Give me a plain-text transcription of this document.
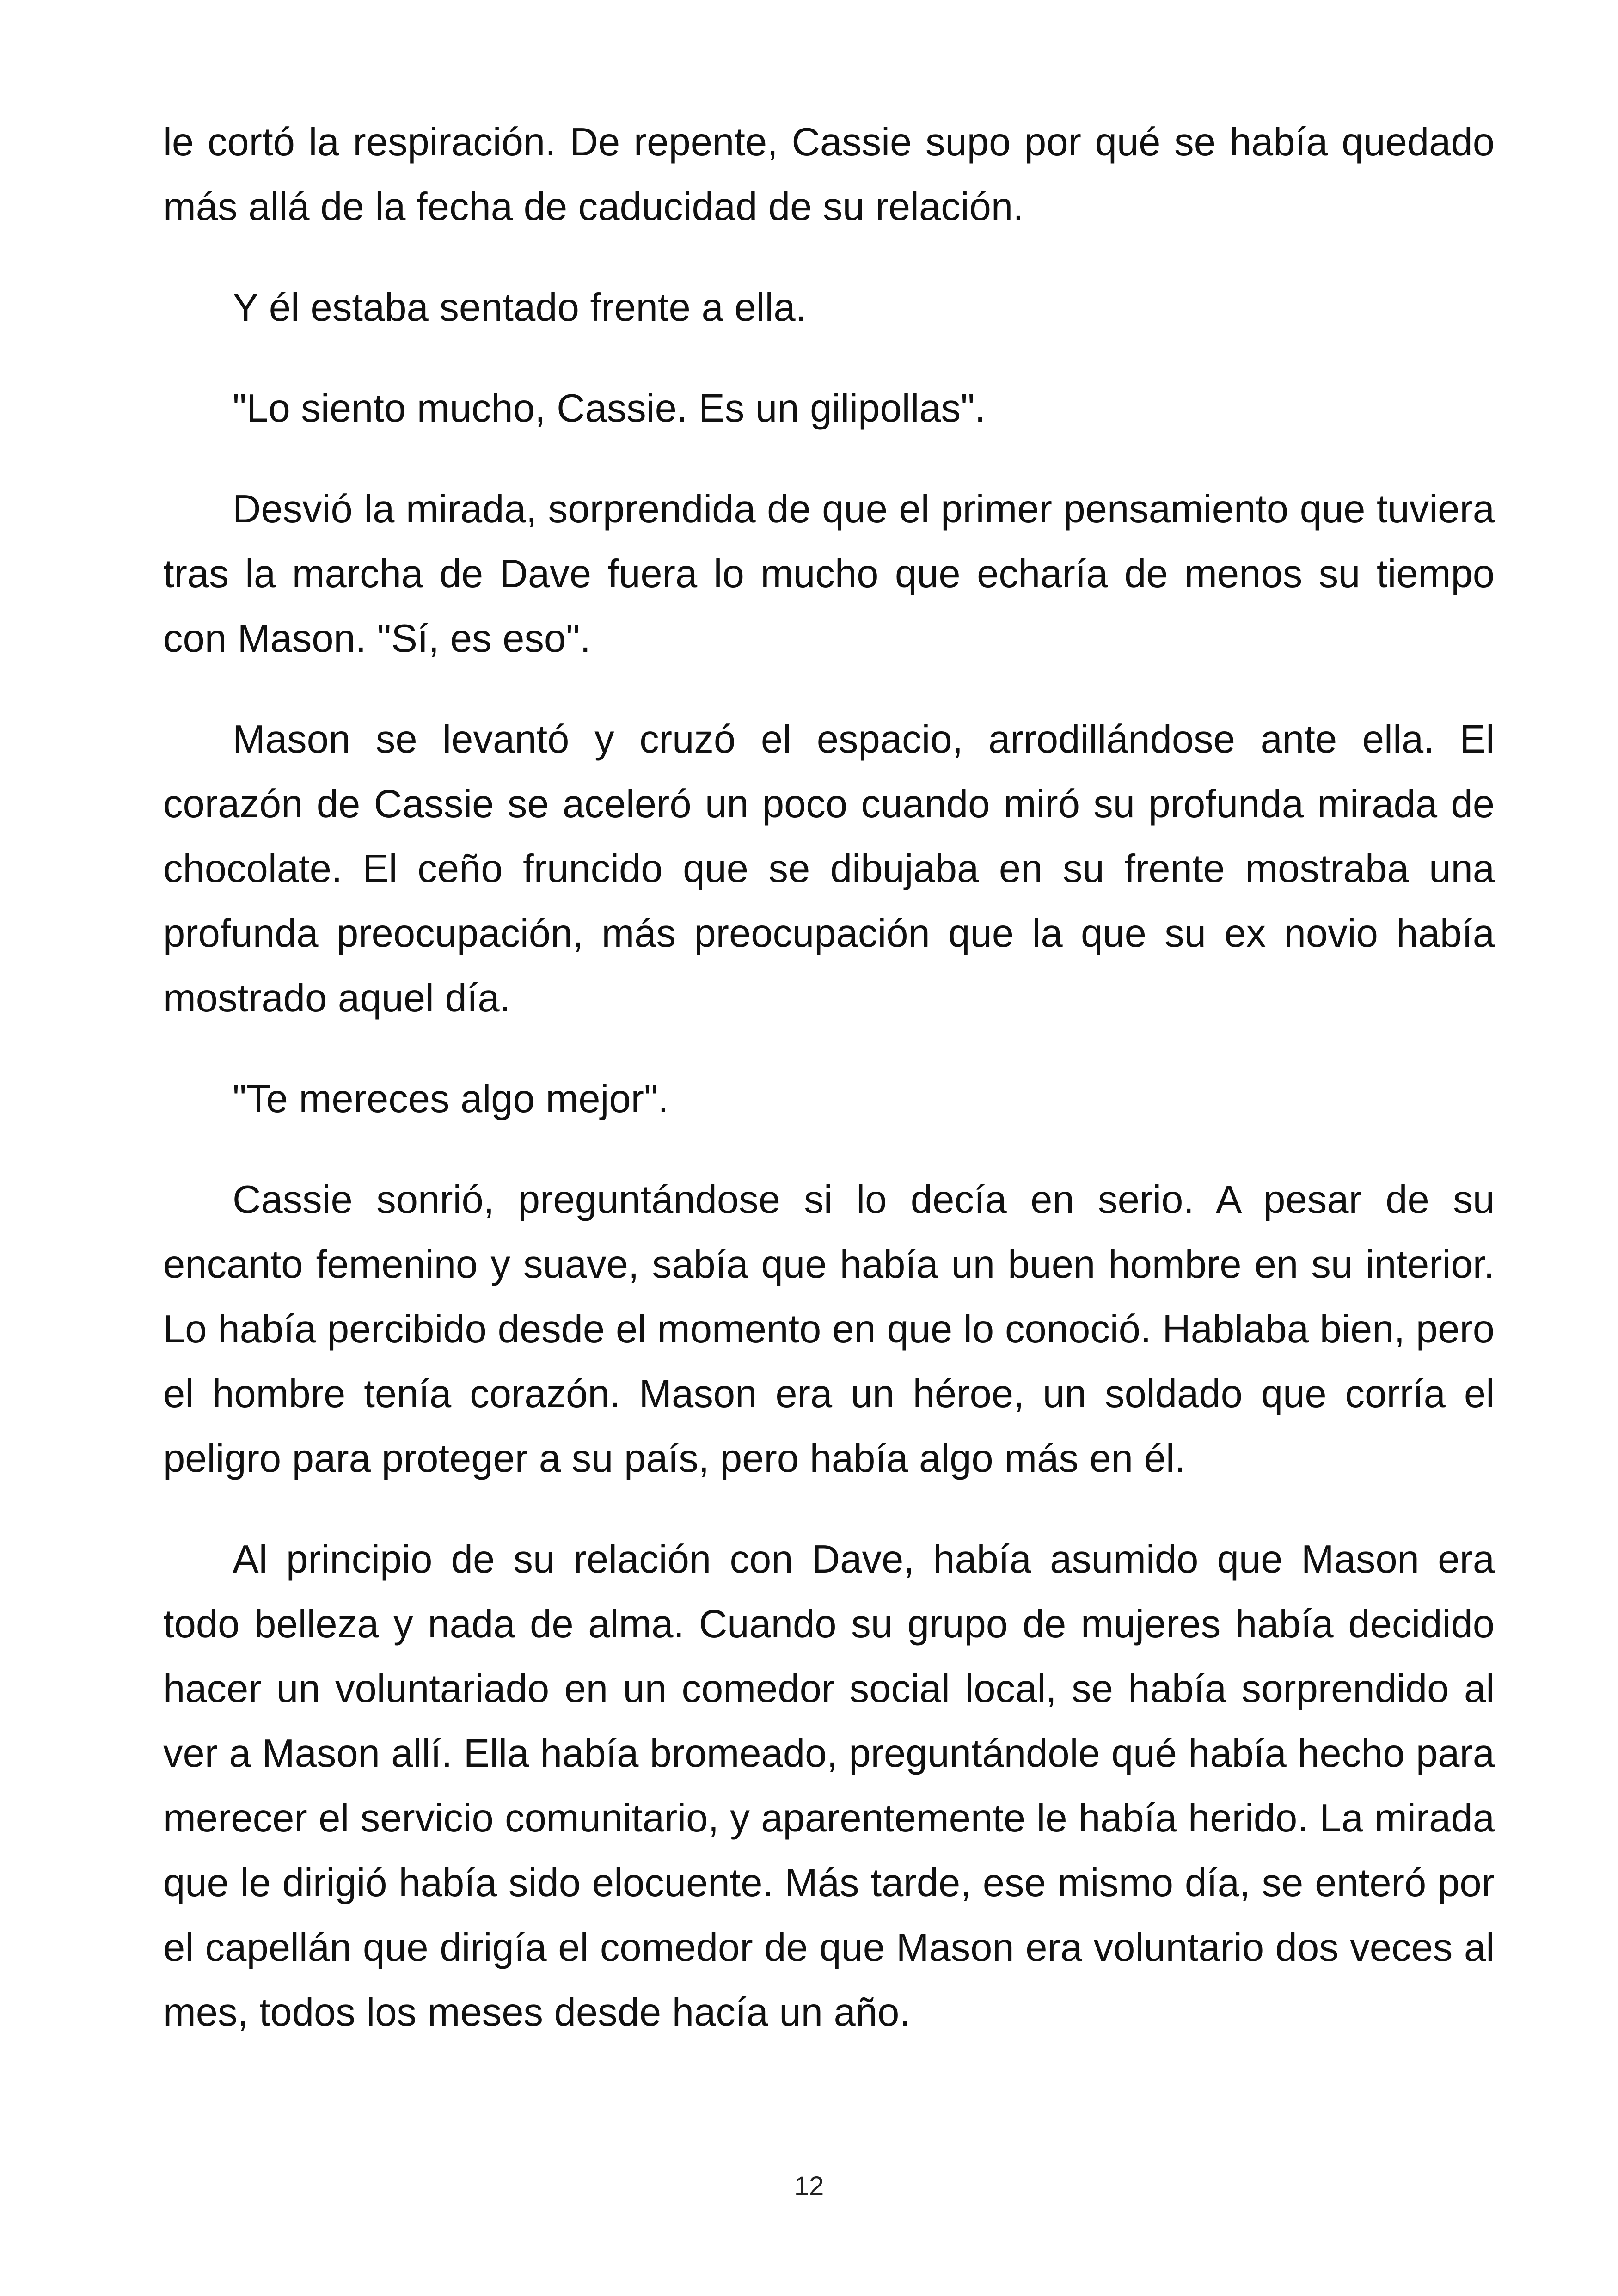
le cortó la respiración. De repente, Cassie supo por qué se había quedado más allá de la fecha de caducidad de su relación.

Y él estaba sentado frente a ella.

"Lo siento mucho, Cassie. Es un gilipollas".

Desvió la mirada, sorprendida de que el primer pensamiento que tuviera tras la marcha de Dave fuera lo mucho que echaría de menos su tiempo con Mason. "Sí, es eso".

Mason se levantó y cruzó el espacio, arrodillándose ante ella. El corazón de Cassie se aceleró un poco cuando miró su profunda mirada de chocolate. El ceño fruncido que se dibujaba en su frente mostraba una profunda preocupación, más preocupación que la que su ex novio había mostrado aquel día.

"Te mereces algo mejor".

Cassie sonrió, preguntándose si lo decía en serio. A pesar de su encanto femenino y suave, sabía que había un buen hombre en su interior. Lo había percibido desde el momento en que lo conoció. Hablaba bien, pero el hombre tenía corazón. Mason era un héroe, un soldado que corría el peligro para proteger a su país, pero había algo más en él.

Al principio de su relación con Dave, había asumido que Mason era todo belleza y nada de alma. Cuando su grupo de mujeres había decidido hacer un voluntariado en un comedor social local, se había sorprendido al ver a Mason allí. Ella había bromeado, preguntándole qué había hecho para merecer el servicio comunitario, y aparentemente le había herido. La mirada que le dirigió había sido elocuente. Más tarde, ese mismo día, se enteró por el capellán que dirigía el comedor de que Mason era voluntario dos veces al mes, todos los meses desde hacía un año.

12
